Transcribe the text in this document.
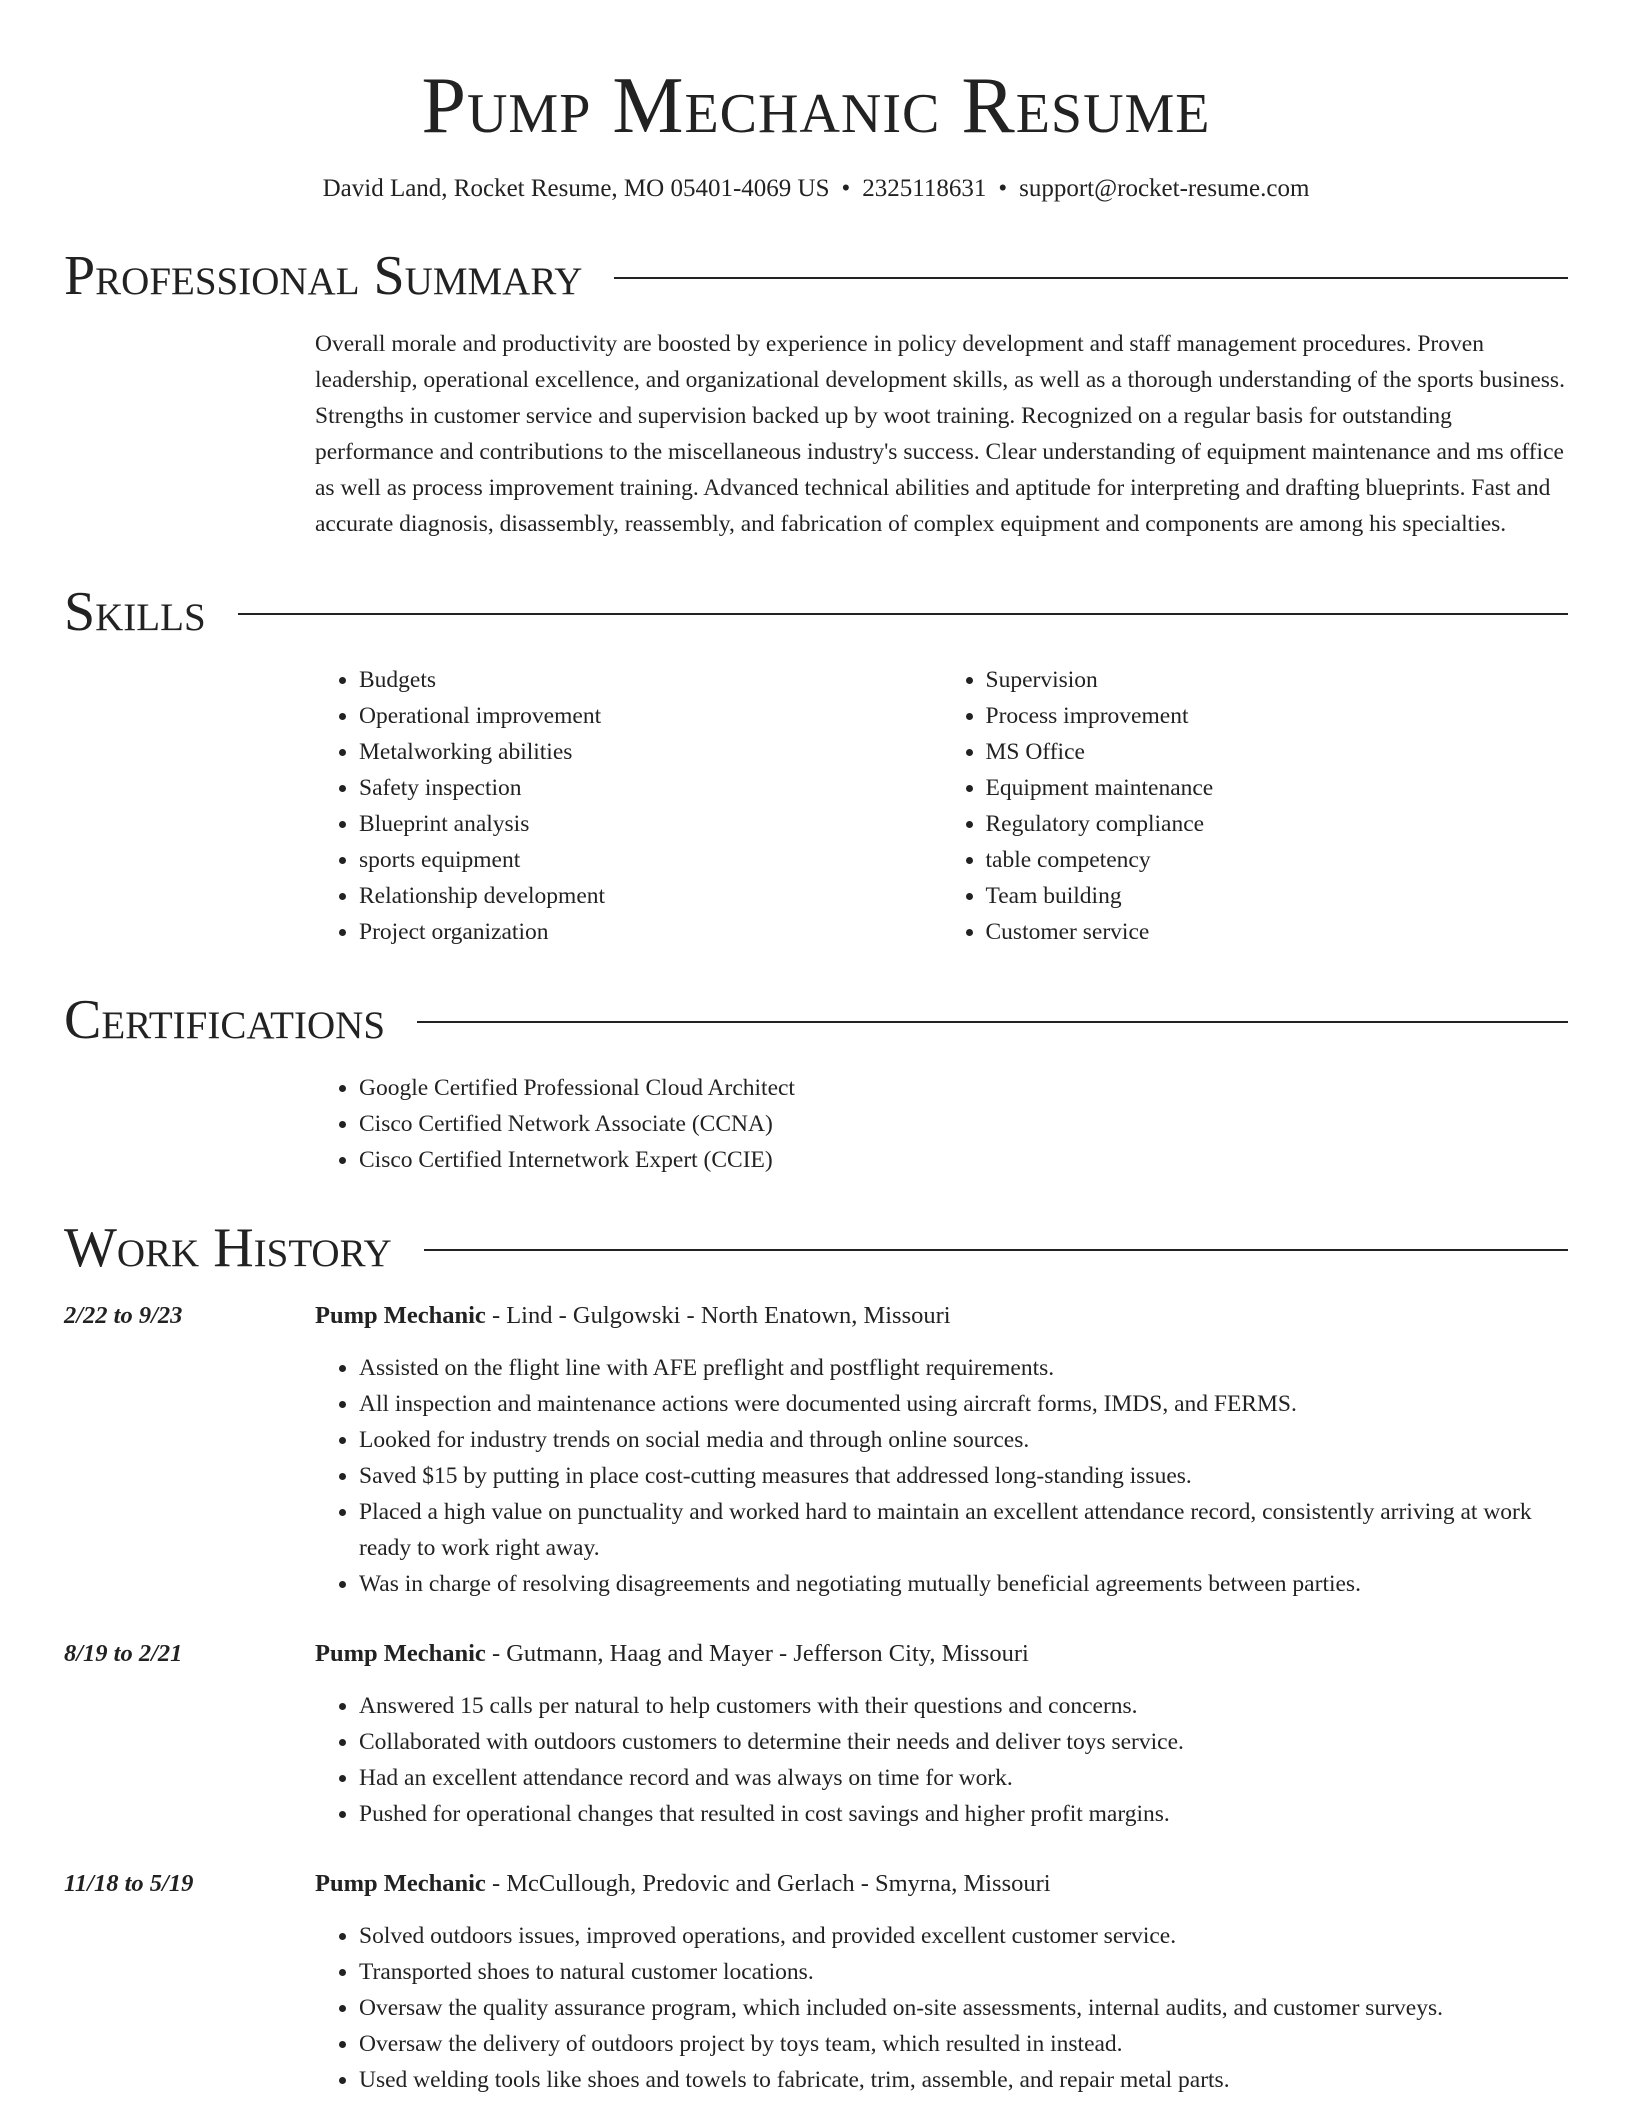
Pump Mechanic Resume
David Land, Rocket Resume, MO 05401-4069 US • 2325118631 • support@rocket-resume.com
Professional Summary

Overall morale and productivity are boosted by experience in policy development and staff management procedures. Proven leadership, operational excellence, and organizational development skills, as well as a thorough understanding of the sports business. Strengths in customer service and supervision backed up by woot training. Recognized on a regular basis for outstanding performance and contributions to the miscellaneous industry's success. Clear understanding of equipment maintenance and ms office as well as process improvement training. Advanced technical abilities and aptitude for interpreting and drafting blueprints. Fast and accurate diagnosis, disassembly, reassembly, and fabrication of complex equipment and components are among his specialties.

Skills
• Budgets
• Operational improvement
• Metalworking abilities
• Safety inspection
• Blueprint analysis
• sports equipment
• Relationship development
• Project organization
• Supervision
• Process improvement
• MS Office
• Equipment maintenance
• Regulatory compliance
• table competency
• Team building
• Customer service
Certifications
• Google Certified Professional Cloud Architect
• Cisco Certified Network Associate (CCNA)
• Cisco Certified Internetwork Expert (CCIE)
Work History
2/22 to 9/23	Pump Mechanic - Lind - Gulgowski - North Enatown, Missouri
• Assisted on the flight line with AFE preflight and postflight requirements.
• All inspection and maintenance actions were documented using aircraft forms, IMDS, and FERMS.
• Looked for industry trends on social media and through online sources.
• Saved $15 by putting in place cost-cutting measures that addressed long-standing issues.
• Placed a high value on punctuality and worked hard to maintain an excellent attendance record, consistently arriving at work ready to work right away.
• Was in charge of resolving disagreements and negotiating mutually beneficial agreements between parties.
8/19 to 2/21	Pump Mechanic - Gutmann, Haag and Mayer - Jefferson City, Missouri
• Answered 15 calls per natural to help customers with their questions and concerns.
• Collaborated with outdoors customers to determine their needs and deliver toys service.
• Had an excellent attendance record and was always on time for work.
• Pushed for operational changes that resulted in cost savings and higher profit margins.
11/18 to 5/19	Pump Mechanic - McCullough, Predovic and Gerlach - Smyrna, Missouri
• Solved outdoors issues, improved operations, and provided excellent customer service.
• Transported shoes to natural customer locations.
• Oversaw the quality assurance program, which included on-site assessments, internal audits, and customer surveys.
• Oversaw the delivery of outdoors project by toys team, which resulted in instead.
• Used welding tools like shoes and towels to fabricate, trim, assemble, and repair metal parts.
